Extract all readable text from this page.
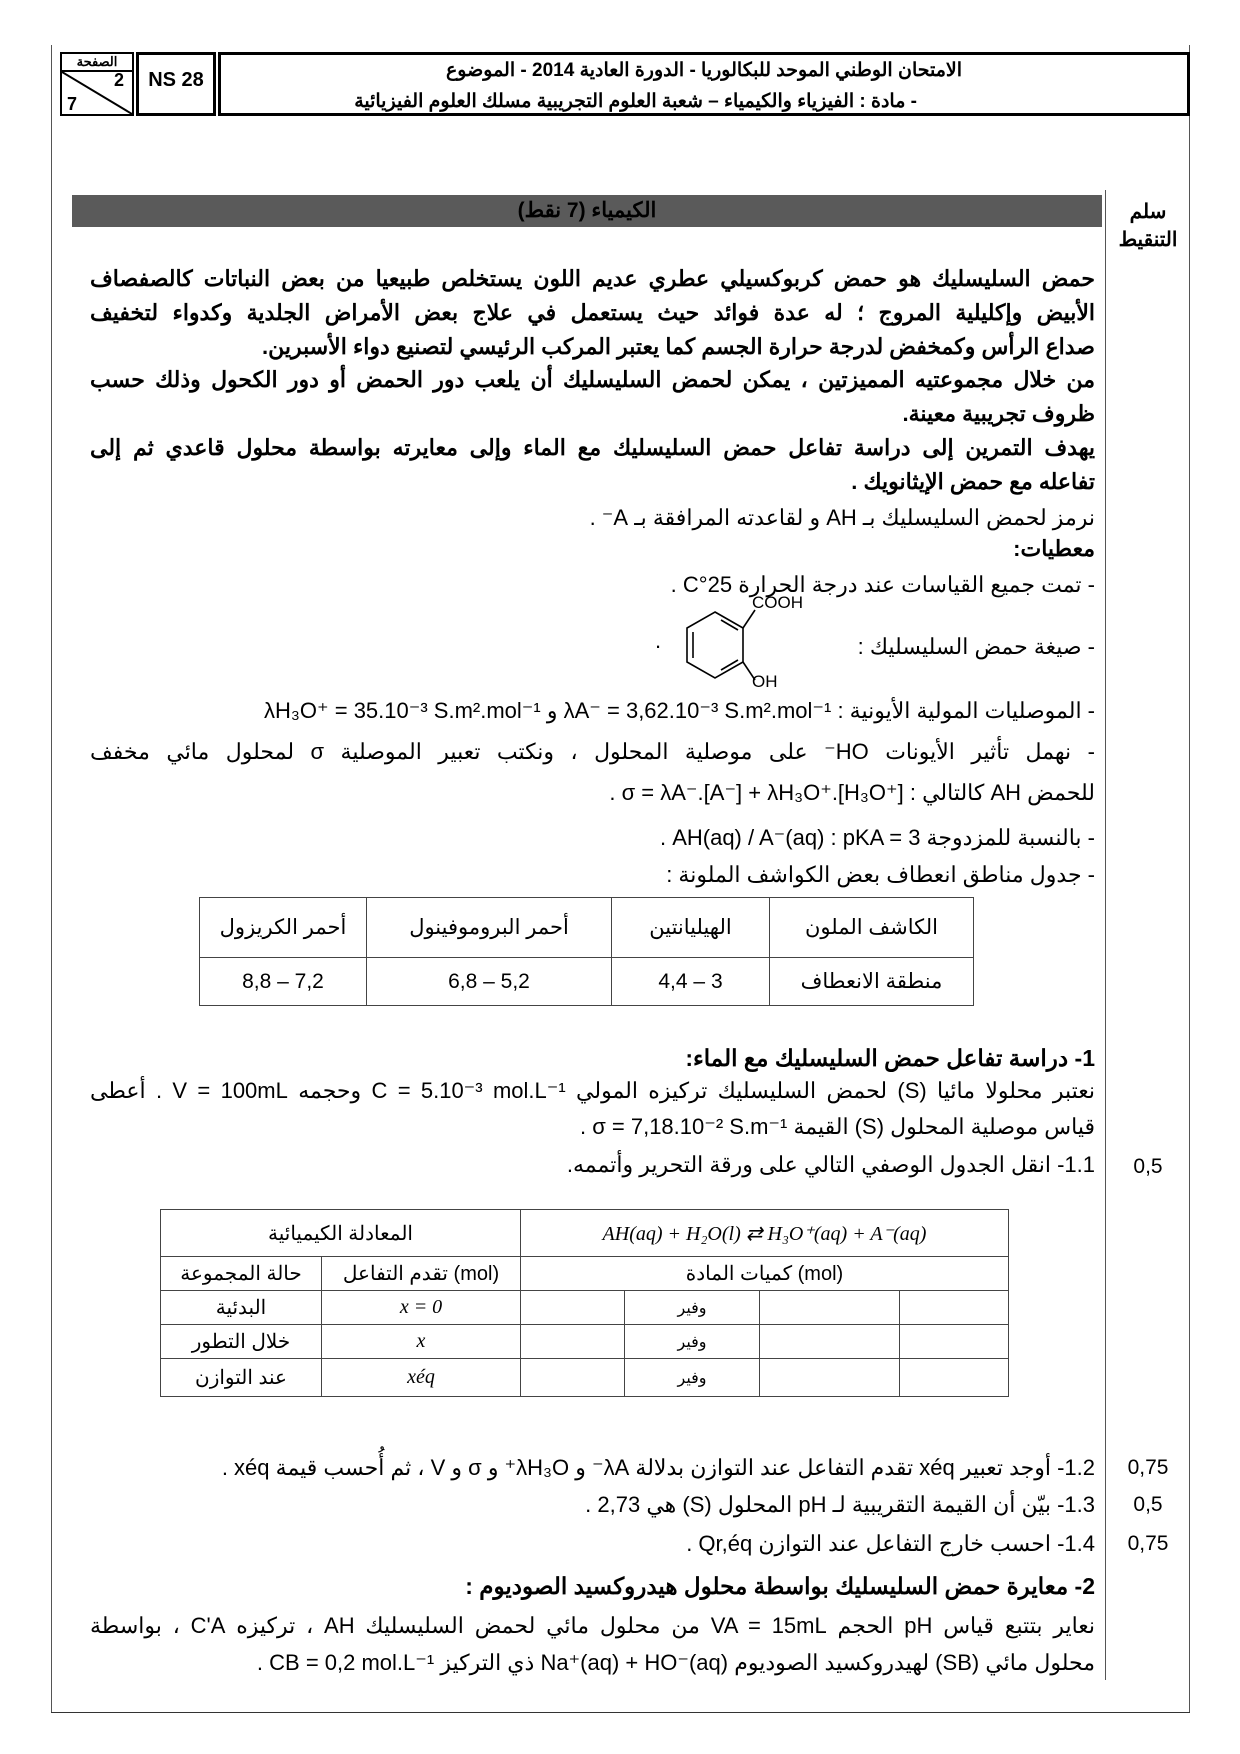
الصفحة
2
7
NS 28	الامتحان الوطني الموحد للبكالوريا - الدورة العادية 2014 - الموضوع
- مادة : الفيزياء والكيمياء – شعبة العلوم التجريبية مسلك العلوم الفيزيائية
الكيمياء (7 نقط)	سلم
التنقيط
حمض السليسليك هو حمض كربوكسيلي عطري عديم اللون يستخلص طبيعيا من بعض النباتات كالصفصاف
الأبيض وإكليلية المروج ؛ له عدة فوائد حيث يستعمل في علاج بعض الأمراض الجلدية وكدواء لتخفيف
صداع الرأس وكمخفض لدرجة حرارة الجسم كما يعتبر المركب الرئيسي لتصنيع دواء الأسبرين.
من خلال مجموعتيه المميزتين ، يمكن لحمض السليسليك أن يلعب دور الحمض أو دور الكحول وذلك حسب
ظروف تجريبية معينة.
يهدف التمرين إلى دراسة تفاعل حمض السليسليك مع الماء وإلى معايرته بواسطة محلول قاعدي ثم إلى
تفاعله مع حمض الإيثانويك .
نرمز لحمض السليسليك بـ AH و لقاعدته المرافقة بـ A⁻ .
معطيات:
- تمت جميع القياسات عند درجة الحرارة 25°C .
- صيغة حمض السليسليك :
.
COOH
OH
- الموصليات المولية الأيونية : λA⁻ = 3,62.10⁻³ S.m².mol⁻¹ و λH₃O⁺ = 35.10⁻³ S.m².mol⁻¹
- نهمل تأثير الأيونات HO⁻ على موصلية المحلول ، ونكتب تعبير الموصلية σ لمحلول مائي مخفف
للحمض AH كالتالي : σ = λA⁻.[A⁻] + λH₃O⁺.[H₃O⁺] .
- بالنسبة للمزدوجة AH(aq) / A⁻(aq) : pKA = 3 .
- جدول مناطق انعطاف بعض الكواشف الملونة :
الكاشف الملون	الهيليانتين	أحمر البروموفينول	أحمر الكريزول
منطقة الانعطاف	3 – 4,4	5,2 – 6,8	7,2 – 8,8
1- دراسة تفاعل حمض السليسليك مع الماء:
نعتبر محلولا مائيا (S) لحمض السليسليك تركيزه المولي C = 5.10⁻³ mol.L⁻¹ وحجمه V = 100mL . أعطى
قياس موصلية المحلول (S) القيمة σ = 7,18.10⁻² S.m⁻¹ .
1.1- انقل الجدول الوصفي التالي على ورقة التحرير وأتممه.	0,5
المعادلة الكيميائية		AH(aq) + H₂O(l) ⇄ H₃O⁺(aq) + A⁻(aq)			
حالة المجموعة	تقدم التفاعل (mol)	كميات المادة (mol)			
البدئية	x = 0		وفير		
خلال التطور	x		وفير		
عند التوازن	xéq		وفير		
1.2- أوجد تعبير xéq تقدم التفاعل عند التوازن بدلالة λA⁻ و λH₃O⁺ و σ و V ، ثم أُحسب قيمة xéq .	0,75
1.3- بيّن أن القيمة التقريبية لـ pH المحلول (S) هي 2,73 .	0,5
1.4- احسب خارج التفاعل عند التوازن Qr,éq .	0,75
2- معايرة حمض السليسليك بواسطة محلول هيدروكسيد الصوديوم :
نعاير بتتبع قياس pH الحجم VA = 15mL من محلول مائي لحمض السليسليك AH ، تركيزه C'A ، بواسطة
محلول مائي (SB) لهيدروكسيد الصوديوم Na⁺(aq) + HO⁻(aq) ذي التركيز CB = 0,2 mol.L⁻¹ .
